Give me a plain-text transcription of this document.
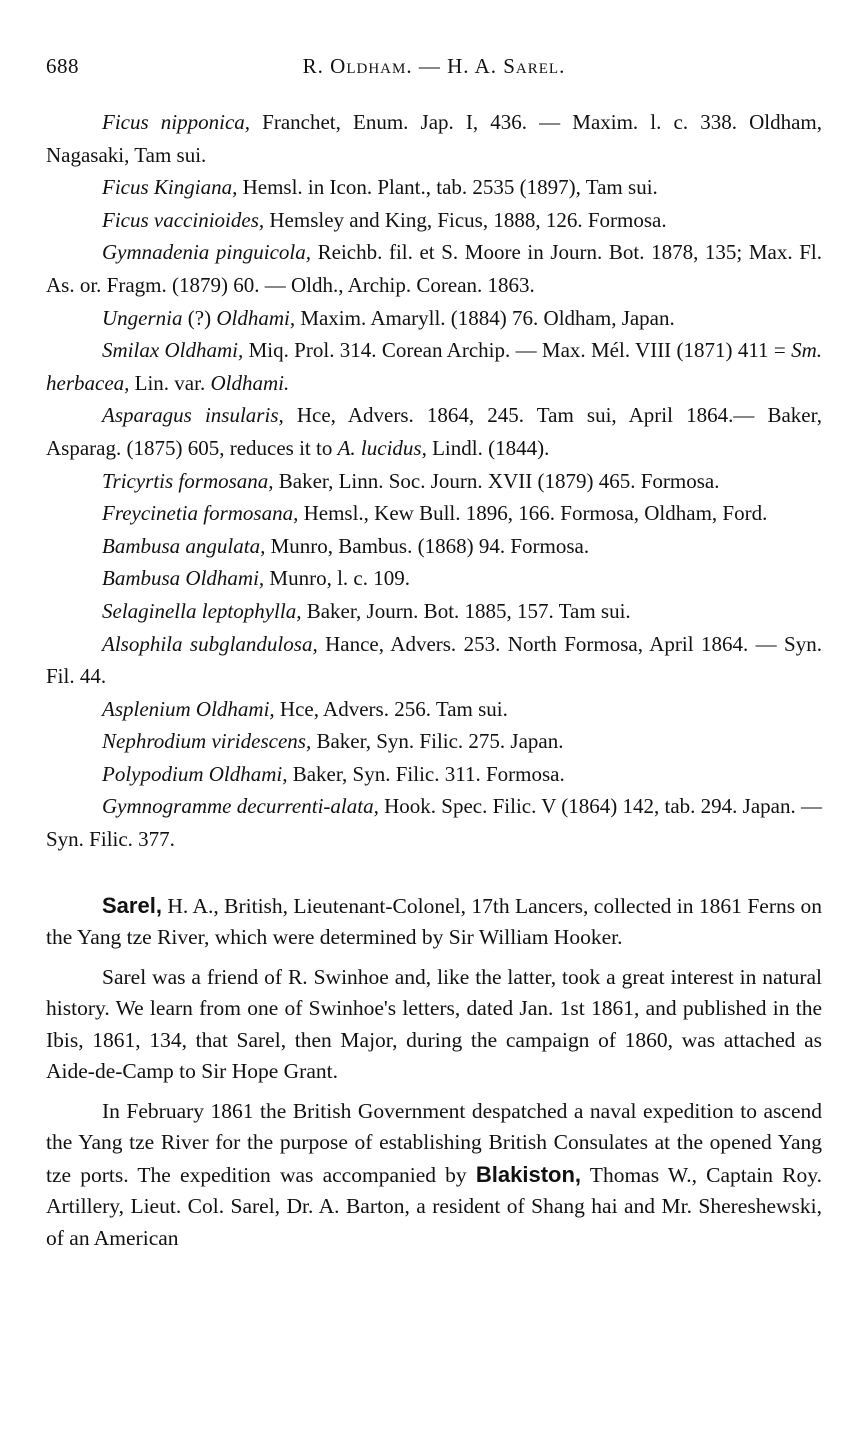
688	R. Oldham. — H. A. Sarel.

Ficus nipponica, Franchet, Enum. Jap. I, 436. — Maxim. l. c. 338. Oldham, Nagasaki, Tam sui.

Ficus Kingiana, Hemsl. in Icon. Plant., tab. 2535 (1897), Tam sui.

Ficus vaccinioides, Hemsley and King, Ficus, 1888, 126. Formosa.

Gymnadenia pinguicola, Reichb. fil. et S. Moore in Journ. Bot. 1878, 135; Max. Fl. As. or. Fragm. (1879) 60. — Oldh., Archip. Corean. 1863.

Ungernia (?) Oldhami, Maxim. Amaryll. (1884) 76. Oldham, Japan.

Smilax Oldhami, Miq. Prol. 314. Corean Archip. — Max. Mél. VIII (1871) 411 = Sm. herbacea, Lin. var. Oldhami.

Asparagus insularis, Hce, Advers. 1864, 245. Tam sui, April 1864.— Baker, Asparag. (1875) 605, reduces it to A. lucidus, Lindl. (1844).

Tricyrtis formosana, Baker, Linn. Soc. Journ. XVII (1879) 465. Formosa.

Freycinetia formosana, Hemsl., Kew Bull. 1896, 166. Formosa, Oldham, Ford.

Bambusa angulata, Munro, Bambus. (1868) 94. Formosa.

Bambusa Oldhami, Munro, l. c. 109.

Selaginella leptophylla, Baker, Journ. Bot. 1885, 157. Tam sui.

Alsophila subglandulosa, Hance, Advers. 253. North Formosa, April 1864. — Syn. Fil. 44.

Asplenium Oldhami, Hce, Advers. 256. Tam sui.

Nephrodium viridescens, Baker, Syn. Filic. 275. Japan.

Polypodium Oldhami, Baker, Syn. Filic. 311. Formosa.

Gymnogramme decurrenti-alata, Hook. Spec. Filic. V (1864) 142, tab. 294. Japan. — Syn. Filic. 377.

Sarel, H. A., British, Lieutenant-Colonel, 17th Lancers, collected in 1861 Ferns on the Yang tze River, which were determined by Sir William Hooker.

Sarel was a friend of R. Swinhoe and, like the latter, took a great interest in natural history. We learn from one of Swinhoe's letters, dated Jan. 1st 1861, and published in the Ibis, 1861, 134, that Sarel, then Major, during the campaign of 1860, was attached as Aide-de-Camp to Sir Hope Grant.

In February 1861 the British Government despatched a naval expedition to ascend the Yang tze River for the purpose of establishing British Consulates at the opened Yang tze ports. The expedition was accompanied by Blakiston, Thomas W., Captain Roy. Artillery, Lieut. Col. Sarel, Dr. A. Barton, a resident of Shang hai and Mr. Shereshewski, of an American
